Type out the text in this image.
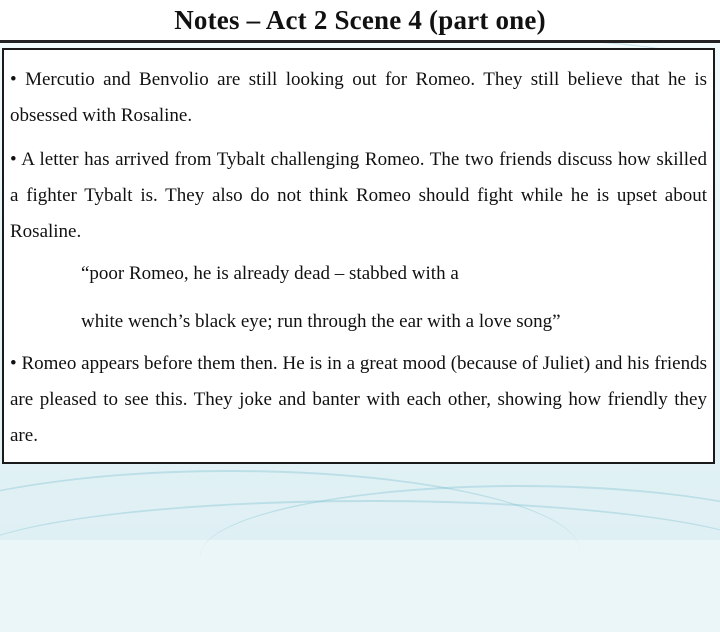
Notes – Act 2 Scene 4 (part one)

• Mercutio and Benvolio are still looking out for Romeo. They still believe that he is obsessed with Rosaline.

• A letter has arrived from Tybalt challenging Romeo. The two friends discuss how skilled a fighter Tybalt is. They also do not think Romeo should fight while he is upset about Rosaline.

“poor Romeo, he is already dead – stabbed with a

white wench’s black eye; run through the ear with a love song”

• Romeo appears before them then. He is in a great mood (because of Juliet) and his friends are pleased to see this. They joke and banter with each other, showing how friendly they are.
